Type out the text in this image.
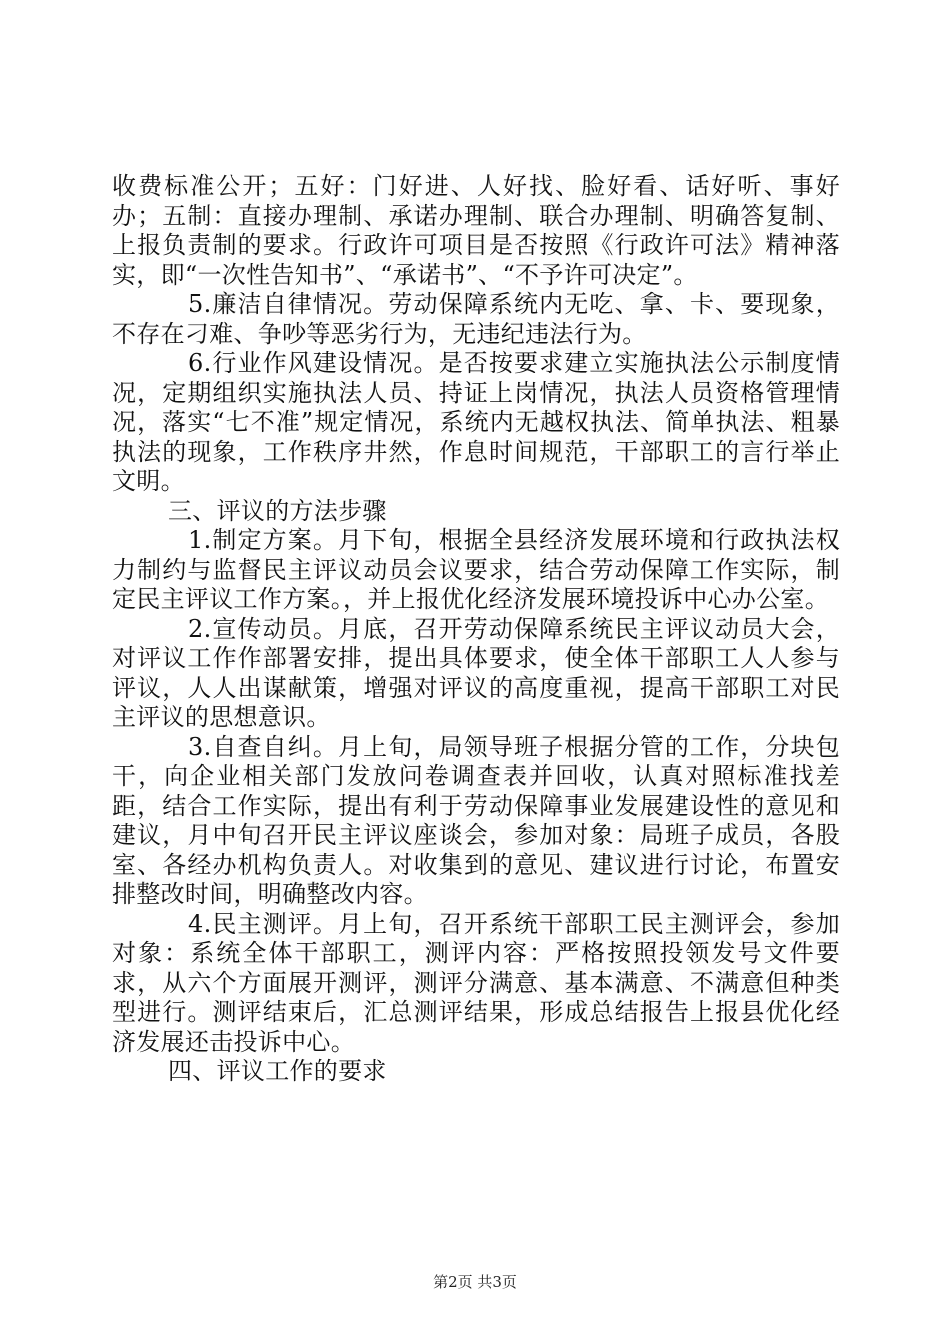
收费标准公开；五好：门好进、人好找、脸好看、话好听、事好办；五制：直接办理制、承诺办理制、联合办理制、明确答复制、上报负责制的要求。行政许可项目是否按照《行政许可法》精神落实，即“一次性告知书”、“承诺书”、“不予许可决定”。

5.廉洁自律情况。劳动保障系统内无吃、拿、卡、要现象，不存在刁难、争吵等恶劣行为，无违纪违法行为。

6.行业作风建设情况。是否按要求建立实施执法公示制度情况，定期组织实施执法人员、持证上岗情况，执法人员资格管理情况，落实“七不准”规定情况，系统内无越权执法、简单执法、粗暴执法的现象，工作秩序井然，作息时间规范，干部职工的言行举止文明。

三、评议的方法步骤

1.制定方案。月下旬，根据全县经济发展环境和行政执法权力制约与监督民主评议动员会议要求，结合劳动保障工作实际，制定民主评议工作方案。，并上报优化经济发展环境投诉中心办公室。

2.宣传动员。月底，召开劳动保障系统民主评议动员大会，对评议工作作部署安排，提出具体要求，使全体干部职工人人参与评议，人人出谋献策，增强对评议的高度重视，提高干部职工对民主评议的思想意识。

3.自查自纠。月上旬，局领导班子根据分管的工作，分块包干，向企业相关部门发放问卷调查表并回收，认真对照标准找差距，结合工作实际，提出有利于劳动保障事业发展建设性的意见和建议，月中旬召开民主评议座谈会，参加对象：局班子成员，各股室、各经办机构负责人。对收集到的意见、建议进行讨论，布置安排整改时间，明确整改内容。

4.民主测评。月上旬，召开系统干部职工民主测评会，参加对象：系统全体干部职工，测评内容：严格按照投领发号文件要求，从六个方面展开测评，测评分满意、基本满意、不满意但种类型进行。测评结束后，汇总测评结果，形成总结报告上报县优化经济发展还击投诉中心。

四、评议工作的要求

第2页 共3页
